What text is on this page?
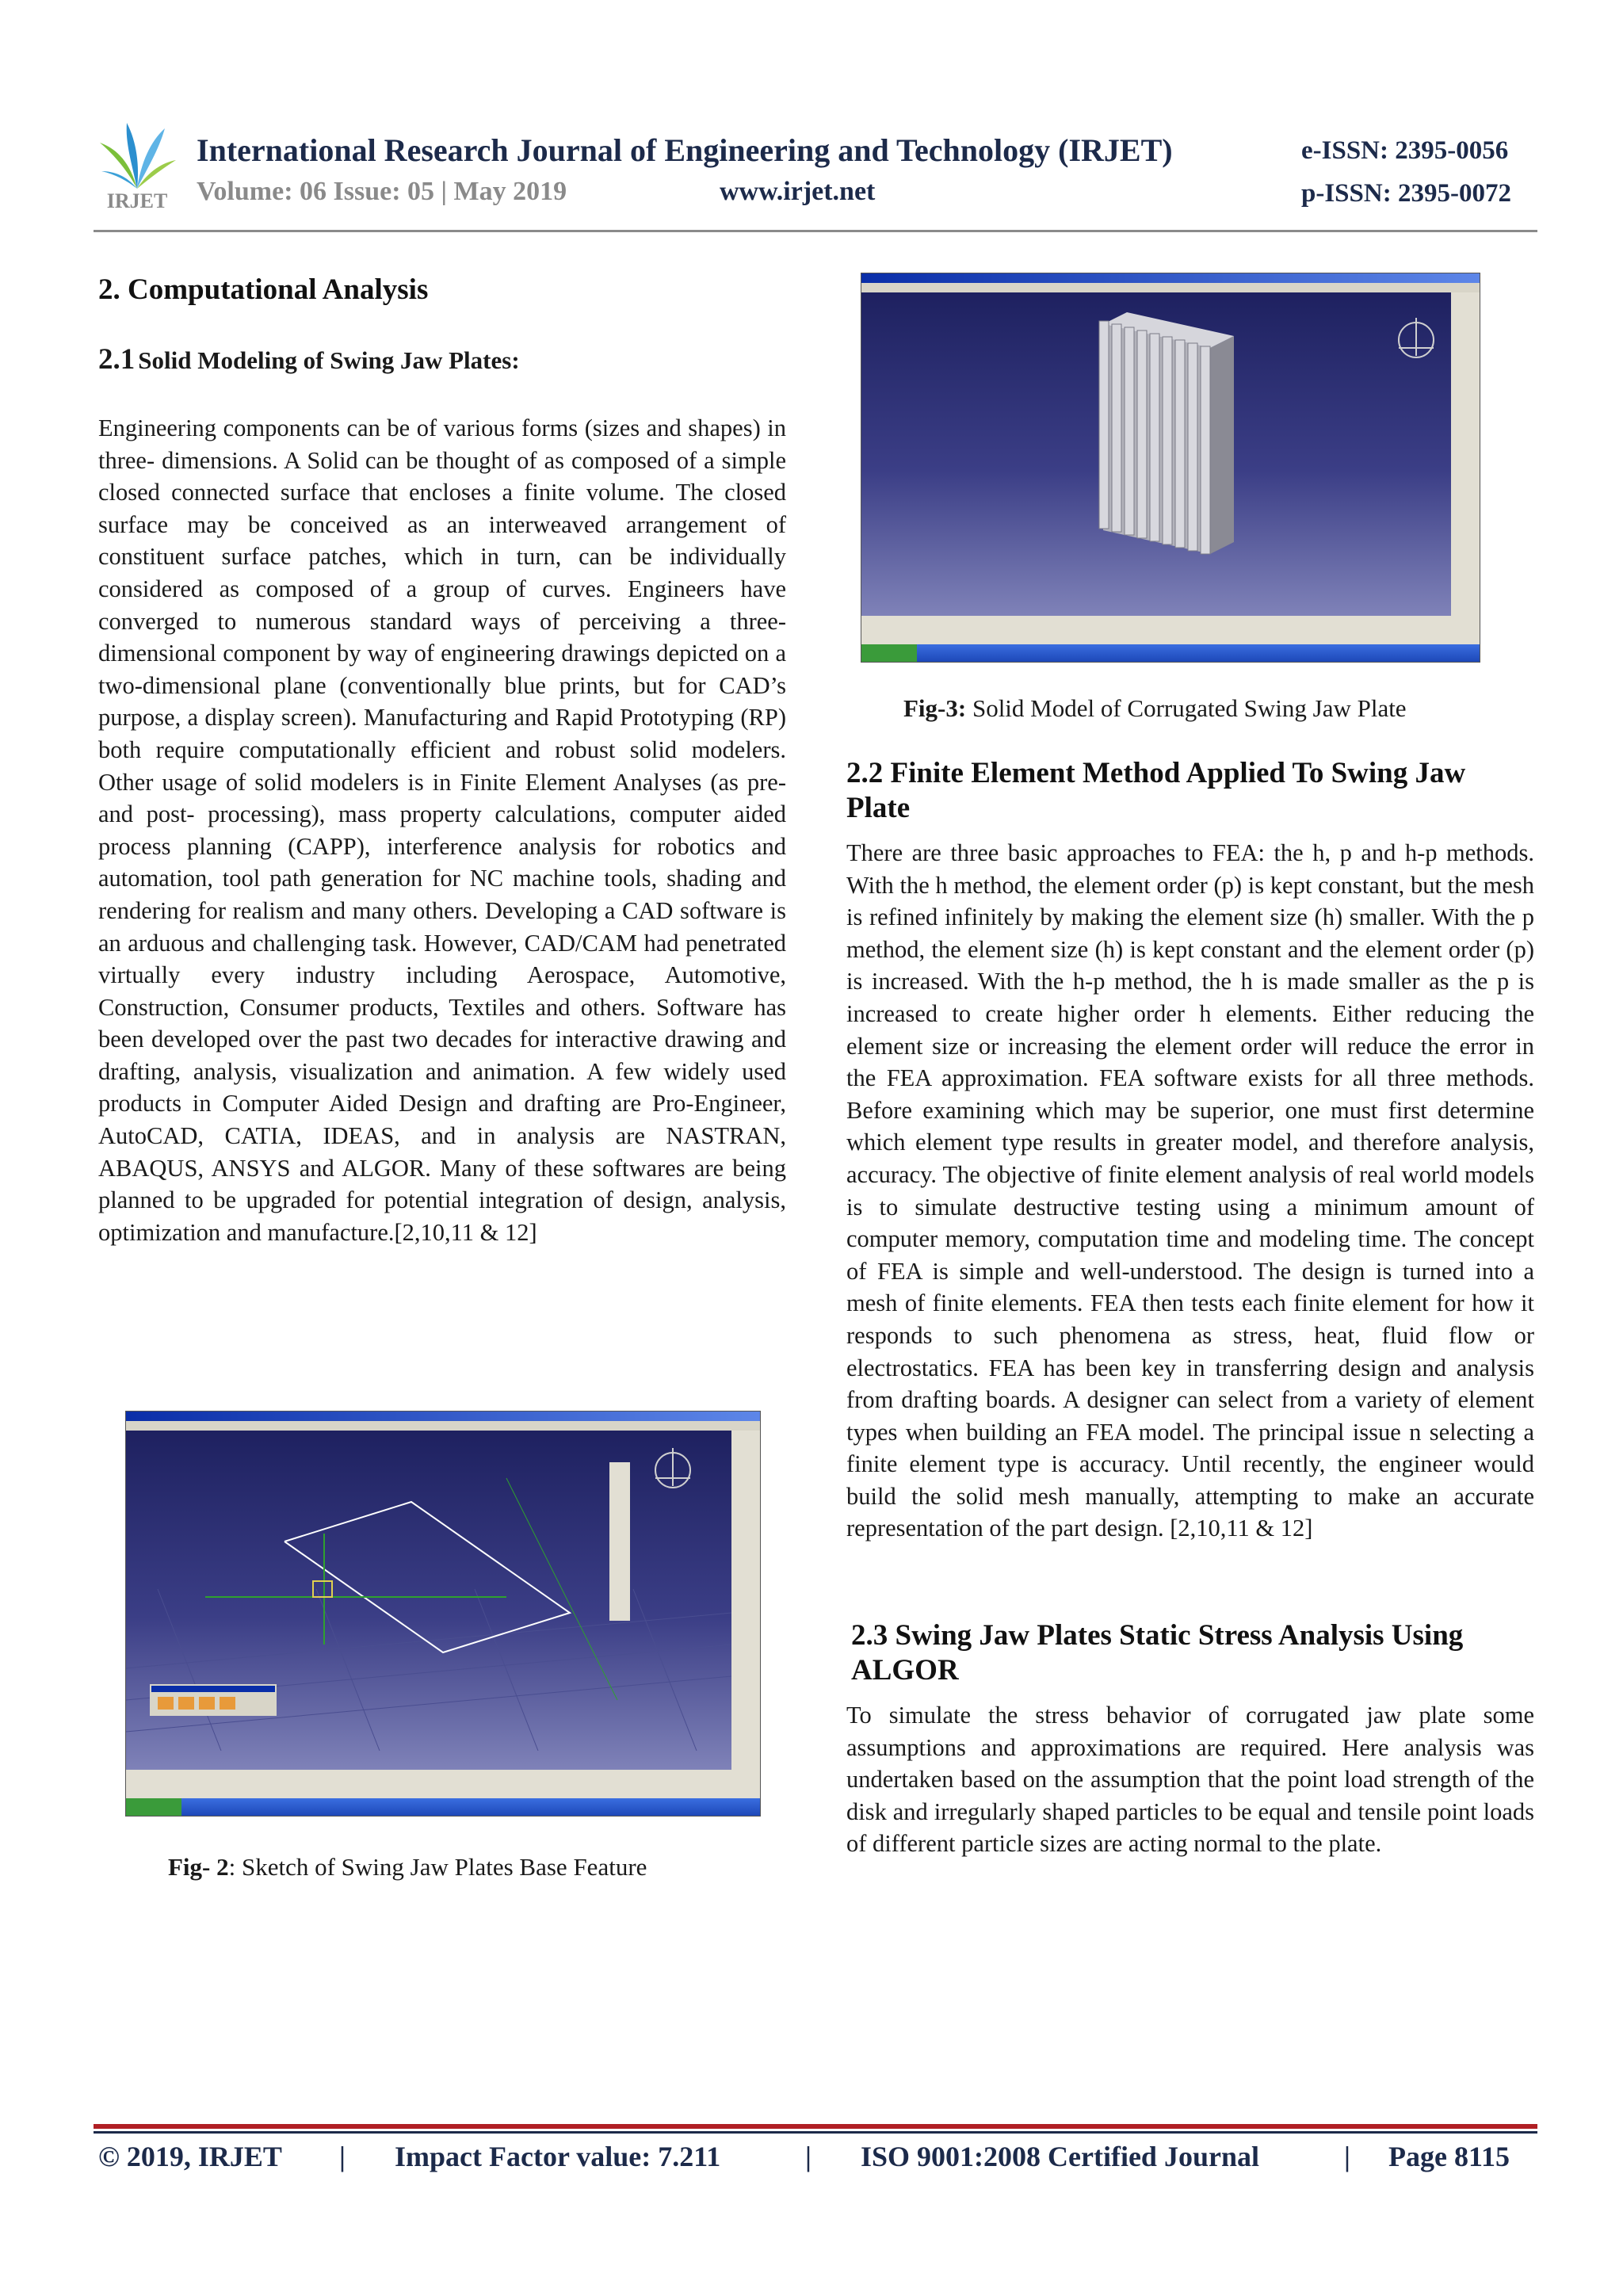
IRJET
International Research Journal of Engineering and Technology (IRJET)	e-ISSN: 2395-0056
Volume: 06 Issue: 05 | May 2019	www.irjet.net	p-ISSN: 2395-0072
2. Computational Analysis
2.1 Solid Modeling of Swing Jaw Plates:
Engineering components can be of various forms (sizes and shapes) in three- dimensions. A Solid can be thought of as composed of a simple closed connected surface that encloses a finite volume. The closed surface may be conceived as an interweaved arrangement of constituent surface patches, which in turn, can be individually considered as composed of a group of curves. Engineers have converged to numerous standard ways of perceiving a three-dimensional component by way of engineering drawings depicted on a two-dimensional plane (conventionally blue prints, but for CAD’s purpose, a display screen). Manufacturing and Rapid Prototyping (RP) both require computationally efficient and robust solid modelers. Other usage of solid modelers is in Finite Element Analyses (as pre- and post- processing), mass property calculations, computer aided process planning (CAPP), interference analysis for robotics and automation, tool path generation for NC machine tools, shading and rendering for realism and many others. Developing a CAD software is an arduous and challenging task. However, CAD/CAM had penetrated virtually every industry including Aerospace, Automotive, Construction, Consumer products, Textiles and others. Software has been developed over the past two decades for interactive drawing and drafting, analysis, visualization and animation. A few widely used products in Computer Aided Design and drafting are Pro-Engineer, AutoCAD, CATIA, IDEAS, and in analysis are NASTRAN, ABAQUS, ANSYS and ALGOR. Many of these softwares are being planned to be upgraded for potential integration of design, analysis, optimization and manufacture.[2,10,11 & 12]
Fig- 2: Sketch of Swing Jaw Plates Base Feature
Fig-3: Solid Model of Corrugated Swing Jaw Plate
2.2 Finite Element Method Applied To Swing Jaw Plate
There are three basic approaches to FEA: the h, p and h-p methods. With the h method, the element order (p) is kept constant, but the mesh is refined infinitely by making the element size (h) smaller. With the p method, the element size (h) is kept constant and the element order (p) is increased. With the h-p method, the h is made smaller as the p is increased to create higher order h elements. Either reducing the element size or increasing the element order will reduce the error in the FEA approximation. FEA software exists for all three methods. Before examining which may be superior, one must first determine which element type results in greater model, and therefore analysis, accuracy. The objective of finite element analysis of real world models is to simulate destructive testing using a minimum amount of computer memory, computation time and modeling time. The concept of FEA is simple and well-understood. The design is turned into a mesh of finite elements. FEA then tests each finite element for how it responds to such phenomena as stress, heat, fluid flow or electrostatics. FEA has been key in transferring design and analysis from drafting boards. A designer can select from a variety of element types when building an FEA model. The principal issue n selecting a finite element type is accuracy. Until recently, the engineer would build the solid mesh manually, attempting to make an accurate representation of the part design. [2,10,11 & 12]
2.3 Swing Jaw Plates Static Stress Analysis Using ALGOR
To simulate the stress behavior of corrugated jaw plate some assumptions and approximations are required. Here analysis was undertaken based on the assumption that the point load strength of the disk and irregularly shaped particles to be equal and tensile point loads of different particle sizes are acting normal to the plate.
© 2019, IRJET | Impact Factor value: 7.211	| ISO 9001:2008 Certified Journal	| Page 8115
